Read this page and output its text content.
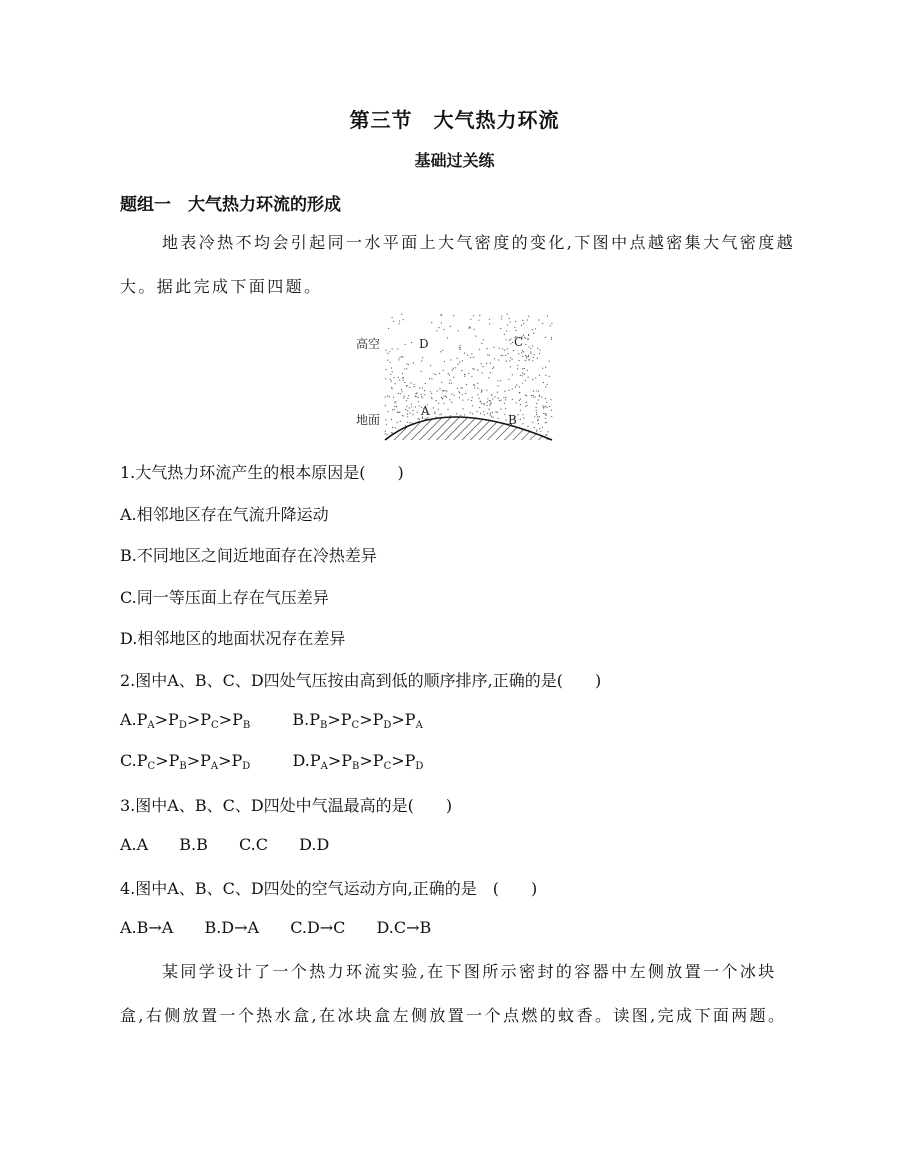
第三节　大气热力环流
基础过关练
题组一　大气热力环流的形成
地表冷热不均会引起同一水平面上大气密度的变化,下图中点越密集大气密度越大。据此完成下面四题。
高空
地面
D	C
A
B
1.大气热力环流产生的根本原因是(　　)
A.相邻地区存在气流升降运动
B.不同地区之间近地面存在冷热差异
C.同一等压面上存在气压差异
D.相邻地区的地面状况存在差异
2.图中A、B、C、D四处气压按由高到低的顺序排序,正确的是(　　)
$A.P_A>P_D>P_C>P_B$	$B.P_B>P_C>P_D>P_A$
$C.P_C>P_B>P_A>P_D$	$D.P_A>P_B>P_C>P_D$
3.图中A、B、C、D四处中气温最高的是(　　)
A.A B.B C.C D.D
4.图中A、B、C、D四处的空气运动方向,正确的是　(　　)
A.B→A B.D→A C.D→C D.C→B
某同学设计了一个热力环流实验,在下图所示密封的容器中左侧放置一个冰块盒,右侧放置一个热水盒,在冰块盒左侧放置一个点燃的蚊香。读图,完成下面两题。
